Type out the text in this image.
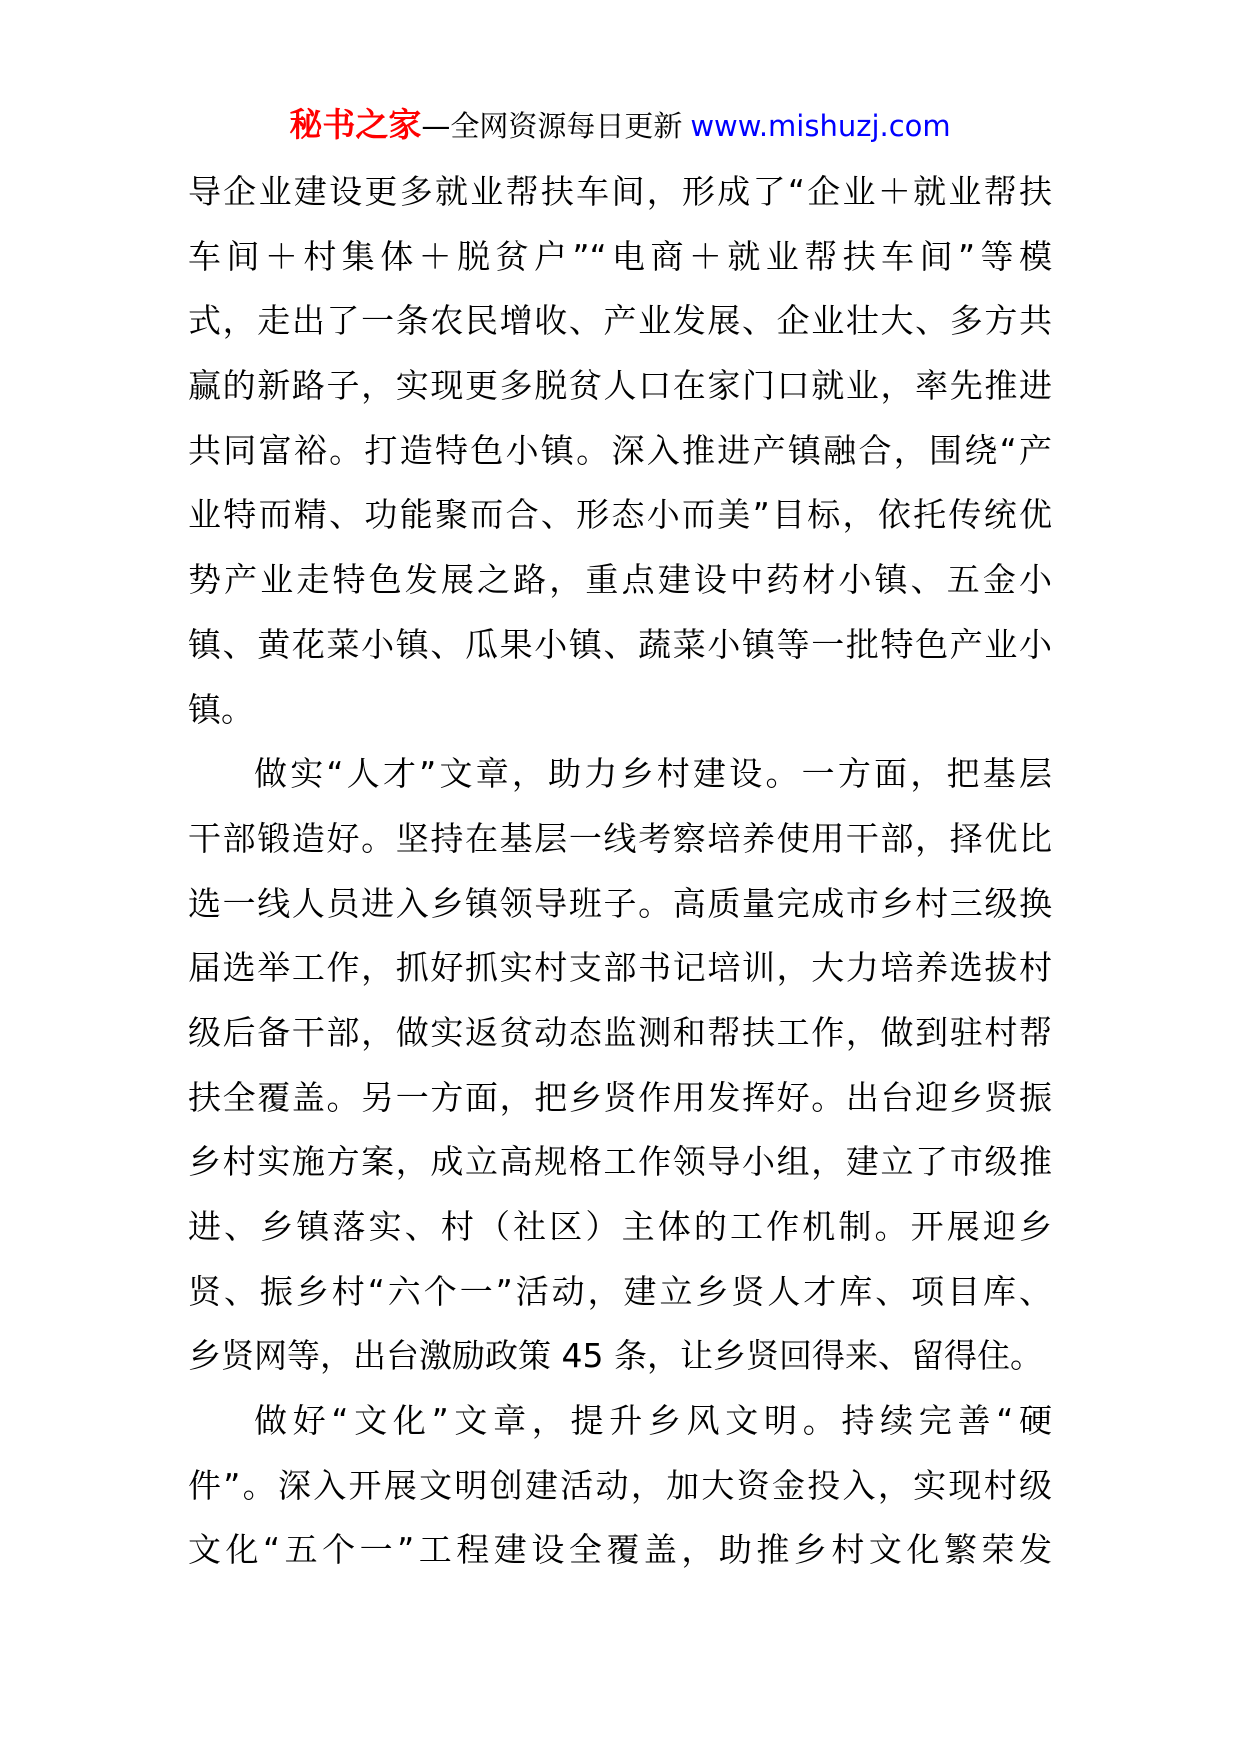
秘书之家—全网资源每日更新 www.mishuzj.com
导企业建设更多就业帮扶车间，形成了“企业＋就业帮扶
车间＋村集体＋脱贫户”“电商＋就业帮扶车间”等模
式，走出了一条农民增收、产业发展、企业壮大、多方共
赢的新路子，实现更多脱贫人口在家门口就业，率先推进
共同富裕。打造特色小镇。深入推进产镇融合，围绕“产
业特而精、功能聚而合、形态小而美”目标，依托传统优
势产业走特色发展之路，重点建设中药材小镇、五金小
镇、黄花菜小镇、瓜果小镇、蔬菜小镇等一批特色产业小
镇。
做实“人才”文章，助力乡村建设。一方面，把基层
干部锻造好。坚持在基层一线考察培养使用干部，择优比
选一线人员进入乡镇领导班子。高质量完成市乡村三级换
届选举工作，抓好抓实村支部书记培训，大力培养选拔村
级后备干部，做实返贫动态监测和帮扶工作，做到驻村帮
扶全覆盖。另一方面，把乡贤作用发挥好。出台迎乡贤振
乡村实施方案，成立高规格工作领导小组，建立了市级推
进、乡镇落实、村（社区）主体的工作机制。开展迎乡
贤、振乡村“六个一”活动，建立乡贤人才库、项目库、
乡贤网等，出台激励政策 45 条，让乡贤回得来、留得住。
做好“文化”文章，提升乡风文明。持续完善“硬
件”。深入开展文明创建活动，加大资金投入，实现村级
文化“五个一”工程建设全覆盖，助推乡村文化繁荣发
